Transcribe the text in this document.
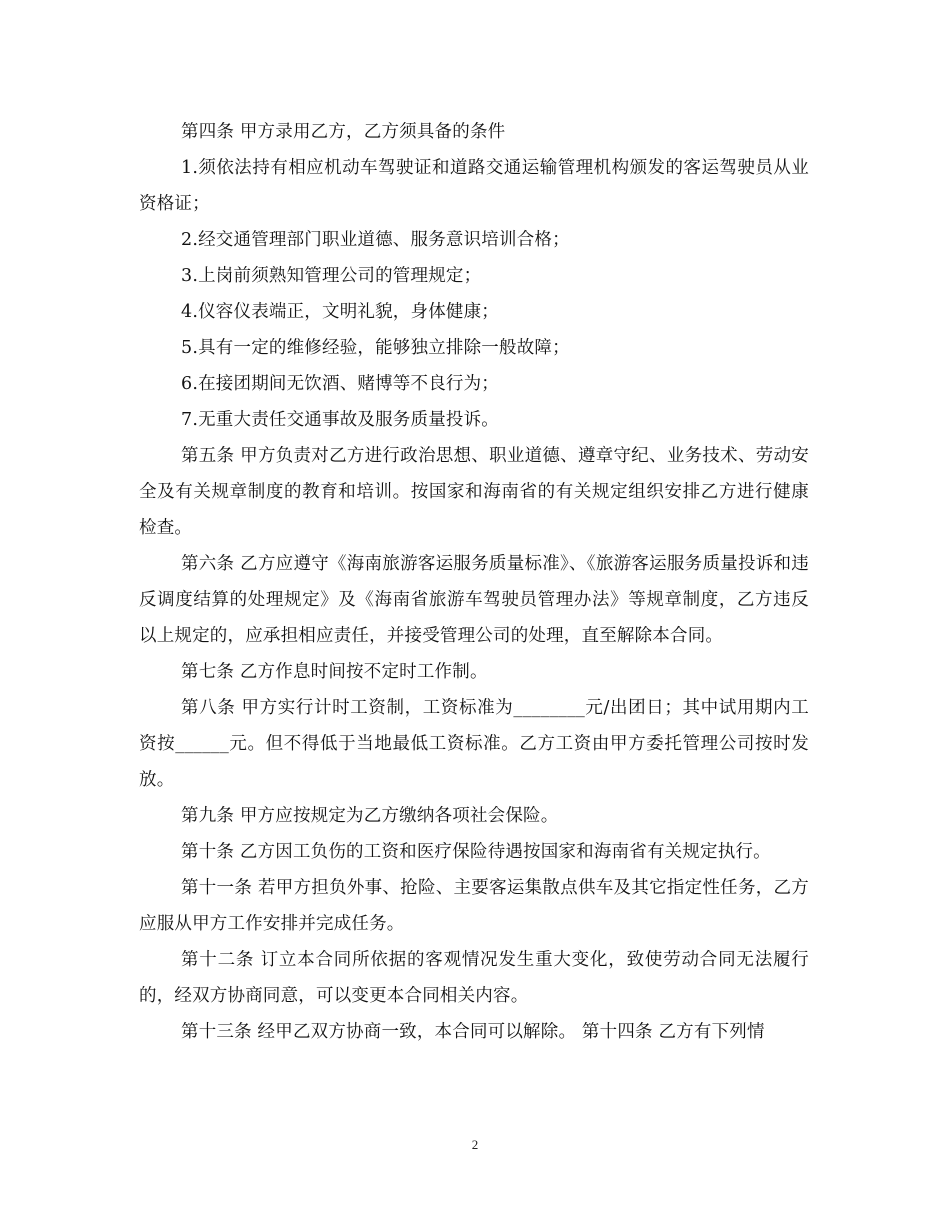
第四条 甲方录用乙方，乙方须具备的条件

1.须依法持有相应机动车驾驶证和道路交通运输管理机构颁发的客运驾驶员从业资格证；

2.经交通管理部门职业道德、服务意识培训合格；

3.上岗前须熟知管理公司的管理规定；

4.仪容仪表端正，文明礼貌，身体健康；

5.具有一定的维修经验，能够独立排除一般故障；

6.在接团期间无饮酒、赌博等不良行为；

7.无重大责任交通事故及服务质量投诉。

第五条 甲方负责对乙方进行政治思想、职业道德、遵章守纪、业务技术、劳动安全及有关规章制度的教育和培训。按国家和海南省的有关规定组织安排乙方进行健康检查。

第六条 乙方应遵守《海南旅游客运服务质量标准》、《旅游客运服务质量投诉和违反调度结算的处理规定》及《海南省旅游车驾驶员管理办法》等规章制度，乙方违反以上规定的，应承担相应责任，并接受管理公司的处理，直至解除本合同。

第七条 乙方作息时间按不定时工作制。

第八条 甲方实行计时工资制，工资标准为________元/出团日；其中试用期内工资按______元。但不得低于当地最低工资标准。乙方工资由甲方委托管理公司按时发放。

第九条 甲方应按规定为乙方缴纳各项社会保险。

第十条 乙方因工负伤的工资和医疗保险待遇按国家和海南省有关规定执行。

第十一条 若甲方担负外事、抢险、主要客运集散点供车及其它指定性任务，乙方应服从甲方工作安排并完成任务。

第十二条 订立本合同所依据的客观情况发生重大变化，致使劳动合同无法履行的，经双方协商同意，可以变更本合同相关内容。

第十三条 经甲乙双方协商一致，本合同可以解除。 第十四条 乙方有下列情

2
